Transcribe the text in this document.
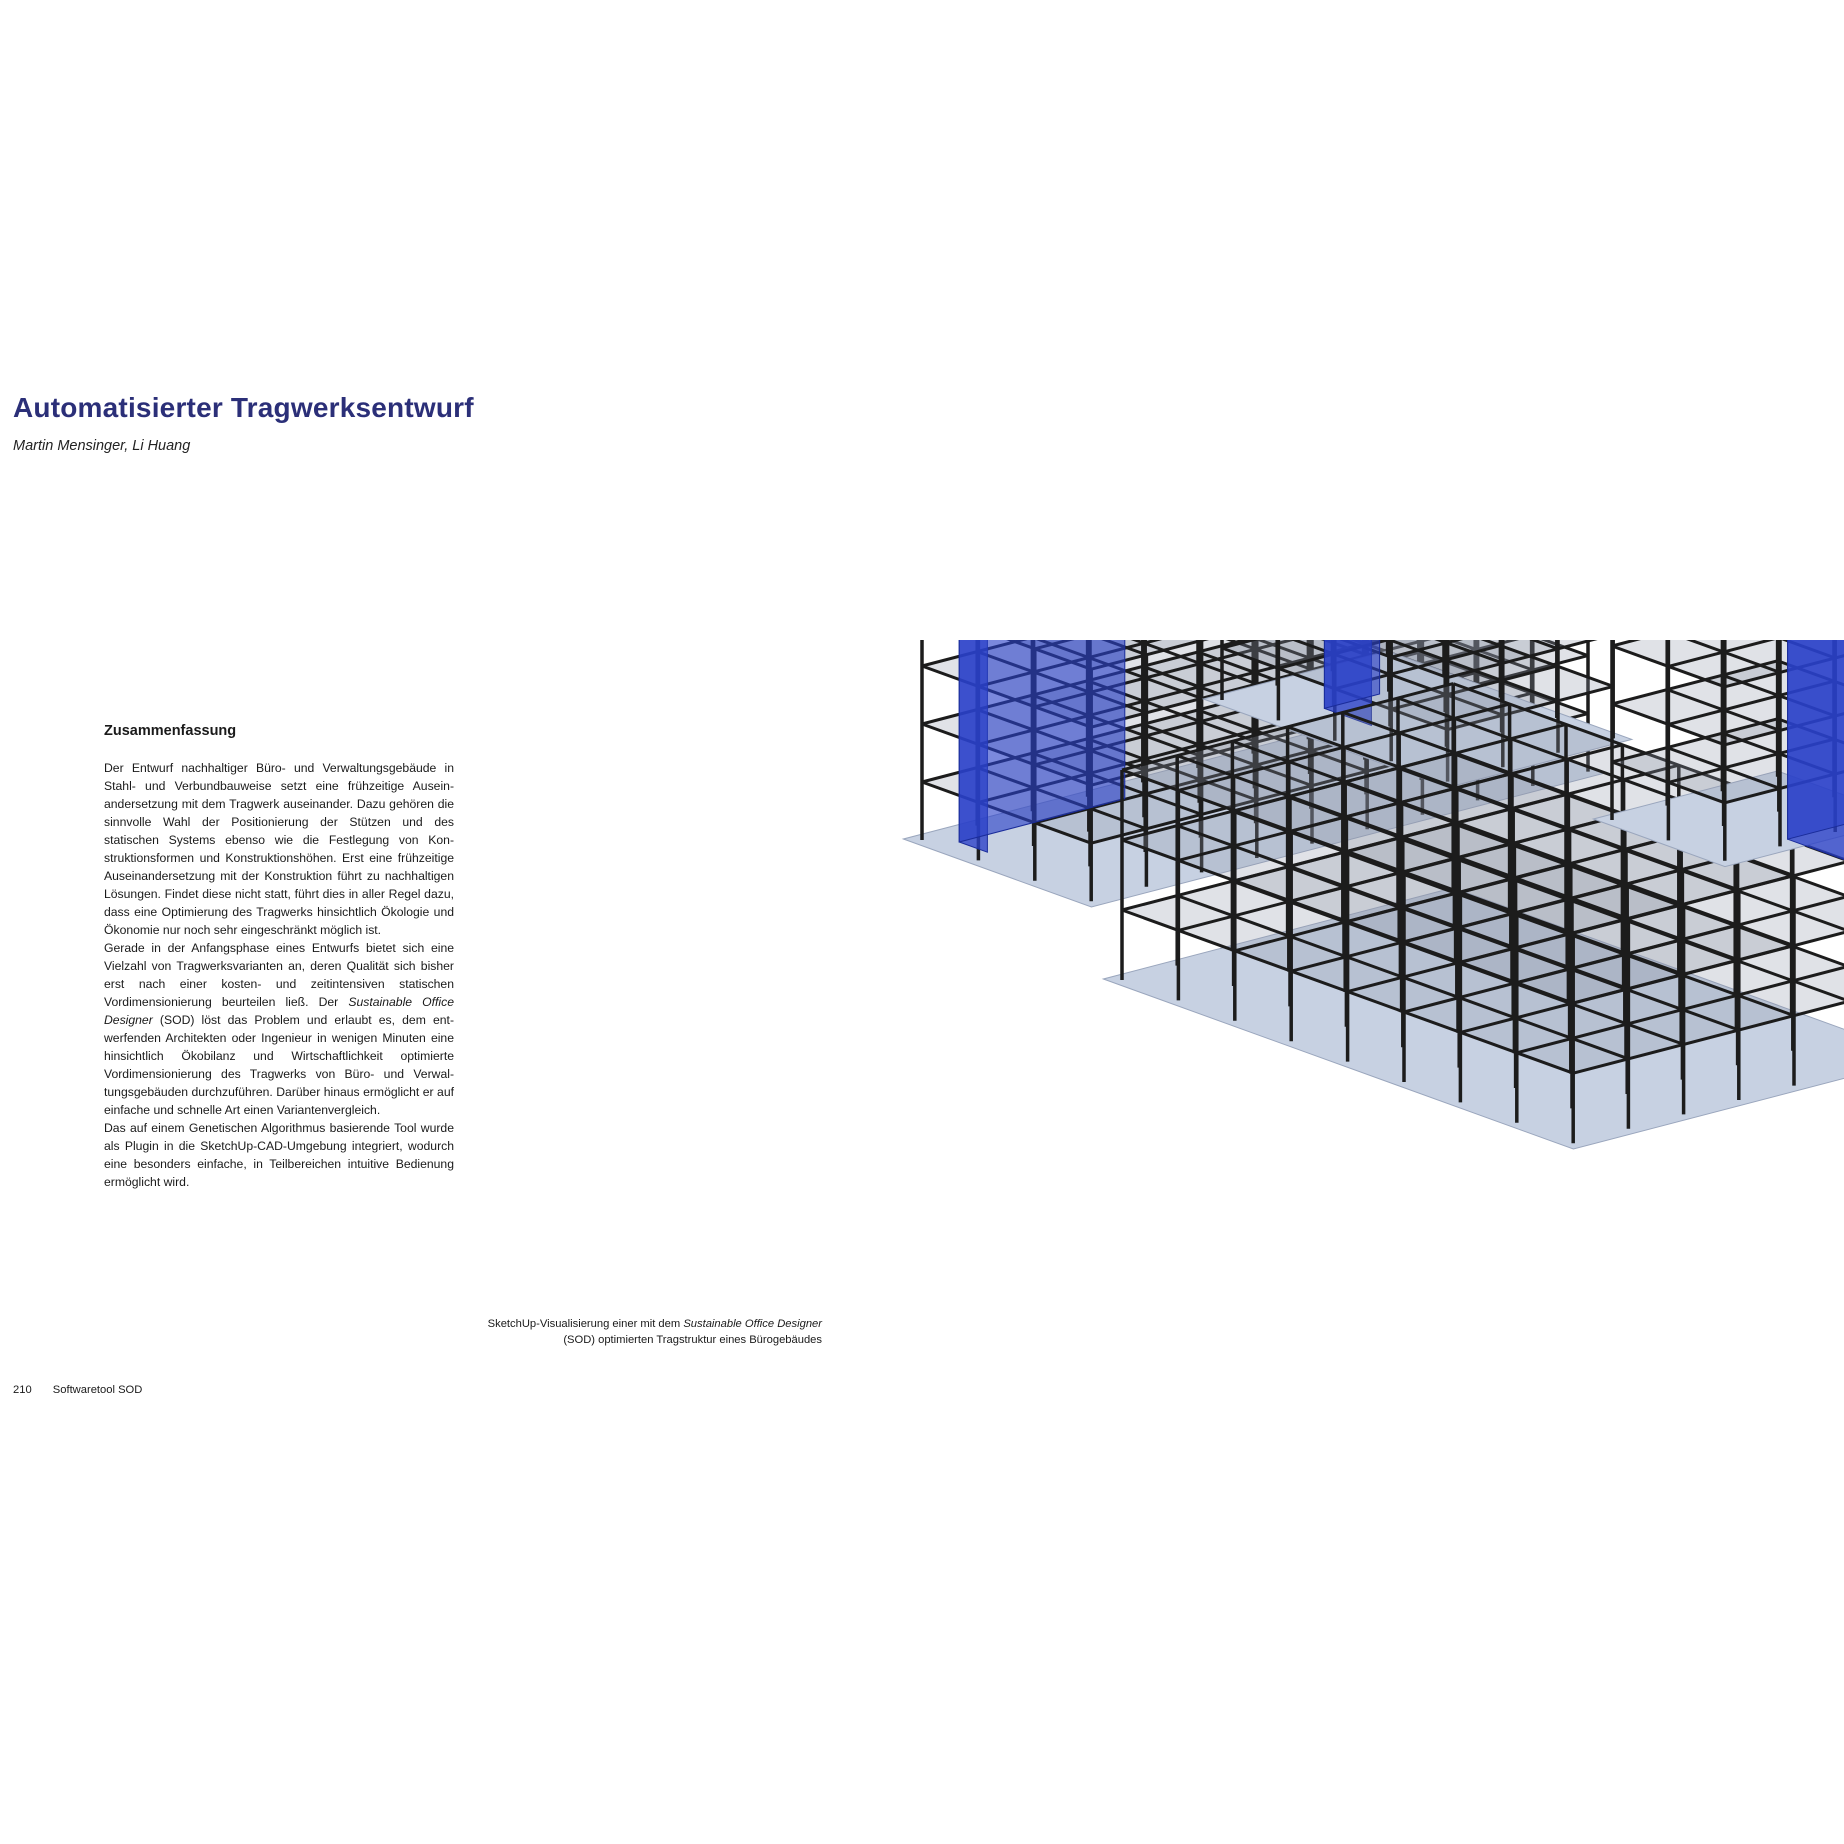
Automatisierter Tragwerksentwurf
Martin Mensinger, Li Huang
Zusammenfassung

Der Entwurf nachhaltiger Büro- und Verwaltungsgebäude in Stahl- und Verbundbauweise setzt eine frühzeitige Auseinandersetzung mit dem Tragwerk auseinander. Dazu gehören die sinnvolle Wahl der Positionierung der Stützen und des statischen Systems ebenso wie die Festlegung von Konstruktionsformen und Konstruktionshöhen. Erst eine frühzeitige Auseinandersetzung mit der Konstruktion führt zu nachhaltigen Lösungen. Findet diese nicht statt, führt dies in aller Regel dazu, dass eine Optimierung des Tragwerks hinsichtlich Ökologie und Ökonomie nur noch sehr eingeschränkt möglich ist.

Gerade in der Anfangsphase eines Entwurfs bietet sich eine Vielzahl von Tragwerksvarianten an, deren Qualität sich bisher erst nach einer kosten- und zeitintensiven statischen Vordimensionierung beurteilen ließ. Der Sustainable Office Designer (SOD) löst das Problem und erlaubt es, dem entwerfenden Architekten oder Ingenieur in wenigen Minuten eine hinsichtlich Ökobilanz und Wirtschaftlichkeit optimierte Vordimensionierung des Tragwerks von Büro- und Verwaltungsgebäuden durchzuführen. Darüber hinaus ermöglicht er auf einfache und schnelle Art einen Variantenvergleich.

Das auf einem Genetischen Algorithmus basierende Tool wurde als Plugin in die SketchUp-CAD-Umgebung integriert, wodurch eine besonders einfache, in Teilbereichen intuitive Bedienung ermöglicht wird.

SketchUp-Visualisierung einer mit dem Sustainable Office Designer
(SOD) optimierten Tragstruktur eines Bürogebäudes
210 Softwaretool SOD
